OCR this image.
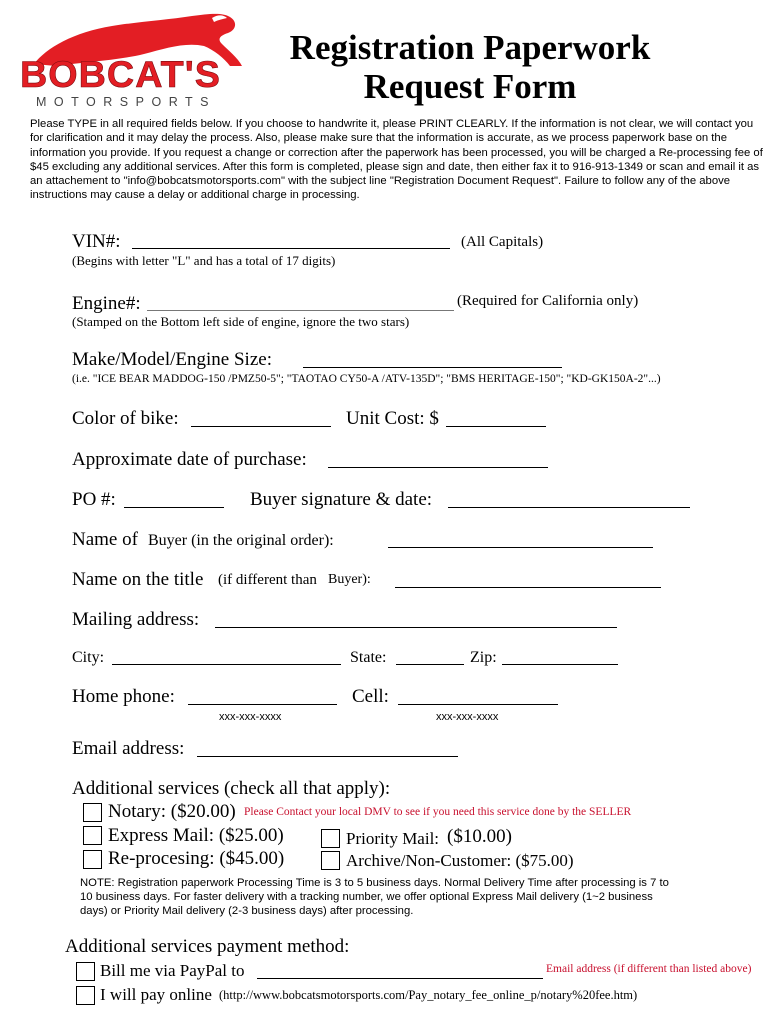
BOBCAT'S
MOTORSPORTS
Registration Paperwork
Request Form
Please TYPE in all required fields below. If you choose to handwrite it, please PRINT CLEARLY. If the information is not clear, we will contact you for clarification and it may delay the process. Also, please make sure that the information is accurate, as we process paperwork base on the information you provide. If you request a change or correction after the paperwork has been processed, you will be charged a Re-processing fee of $45 excluding any additional services. After this form is completed, please sign and date, then either fax it to 916-913-1349 or scan and email it as an attachement to "info@bobcatsmotorsports.com" with the subject line "Registration Document Request". Failure to follow any of the above instructions may cause a delay or additional charge in processing.
VIN#:	(All Capitals)
(Begins with letter "L" and has a total of 17 digits)
Engine#:	(Required for California only)
(Stamped on the Bottom left side of engine, ignore the two stars)
Make/Model/Engine Size:
(i.e. "ICE BEAR MADDOG-150 /PMZ50-5"; "TAOTAO CY50-A /ATV-135D"; "BMS HERITAGE-150"; "KD-GK150A-2"...)
Color of bike:	Unit Cost: $
Approximate date of purchase:
PO #:	Buyer signature & date:
Name of Buyer (in the original order):
Name on the title (if different than Buyer):
Mailing address:
City:	State:	Zip:
Home phone:
xxx-xxx-xxxx
Cell:
xxx-xxx-xxxx
Email address:
Additional services (check all that apply):
Notary: ($20.00) Please Contact your local DMV to see if you need this service done by the SELLER
Express Mail: ($25.00)	Priority Mail: ($10.00)
Re-procesing: ($45.00)	Archive/Non-Customer: ($75.00)
NOTE: Registration paperwork Processing Time is 3 to 5 business days. Normal Delivery Time after processing is 7 to 10 business days. For faster delivery with a tracking number, we offer optional Express Mail delivery (1~2 business days) or Priority Mail delivery (2-3 business days) after processing.
Additional services payment method:
Bill me via PayPal to	Email address (if different than listed above)
I will pay online (http://www.bobcatsmotorsports.com/Pay_notary_fee_online_p/notary%20fee.htm)
